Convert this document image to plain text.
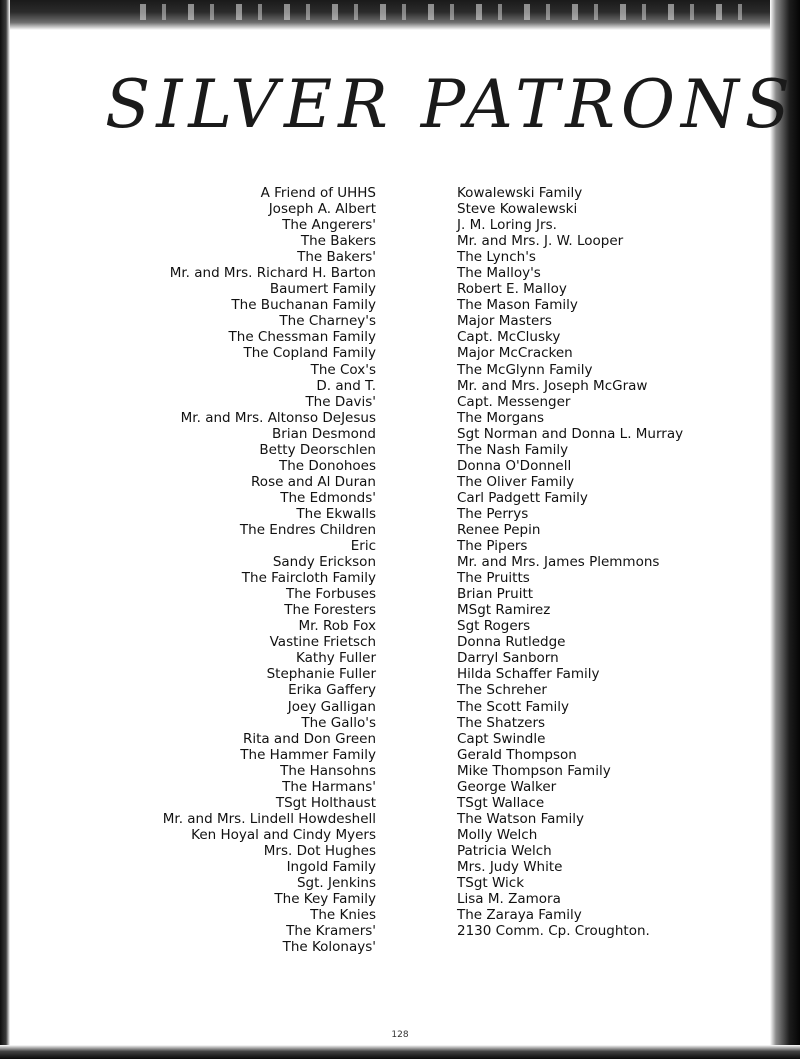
SILVER PATRONS
A Friend of UHHS
Joseph A. Albert
The Angerers'
The Bakers
The Bakers'
Mr. and Mrs. Richard H. Barton
Baumert Family
The Buchanan Family
The Charney's
The Chessman Family
The Copland Family
The Cox's
D. and T.
The Davis'
Mr. and Mrs. Altonso DeJesus
Brian Desmond
Betty Deorschlen
The Donohoes
Rose and Al Duran
The Edmonds'
The Ekwalls
The Endres Children
Eric
Sandy Erickson
The Faircloth Family
The Forbuses
The Foresters
Mr. Rob Fox
Vastine Frietsch
Kathy Fuller
Stephanie Fuller
Erika Gaffery
Joey Galligan
The Gallo's
Rita and Don Green
The Hammer Family
The Hansohns
The Harmans'
TSgt Holthaust
Mr. and Mrs. Lindell Howdeshell
Ken Hoyal and Cindy Myers
Mrs. Dot Hughes
Ingold Family
Sgt. Jenkins
The Key Family
The Knies
The Kramers'
The Kolonays'
Kowalewski Family
Steve Kowalewski
J. M. Loring Jrs.
Mr. and Mrs. J. W. Looper
The Lynch's
The Malloy's
Robert E. Malloy
The Mason Family
Major Masters
Capt. McClusky
Major McCracken
The McGlynn Family
Mr. and Mrs. Joseph McGraw
Capt. Messenger
The Morgans
Sgt Norman and Donna L. Murray
The Nash Family
Donna O'Donnell
The Oliver Family
Carl Padgett Family
The Perrys
Renee Pepin
The Pipers
Mr. and Mrs. James Plemmons
The Pruitts
Brian Pruitt
MSgt Ramirez
Sgt Rogers
Donna Rutledge
Darryl Sanborn
Hilda Schaffer Family
The Schreher
The Scott Family
The Shatzers
Capt Swindle
Gerald Thompson
Mike Thompson Family
George Walker
TSgt Wallace
The Watson Family
Molly Welch
Patricia Welch
Mrs. Judy White
TSgt Wick
Lisa M. Zamora
The Zaraya Family
2130 Comm. Cp. Croughton.
128
